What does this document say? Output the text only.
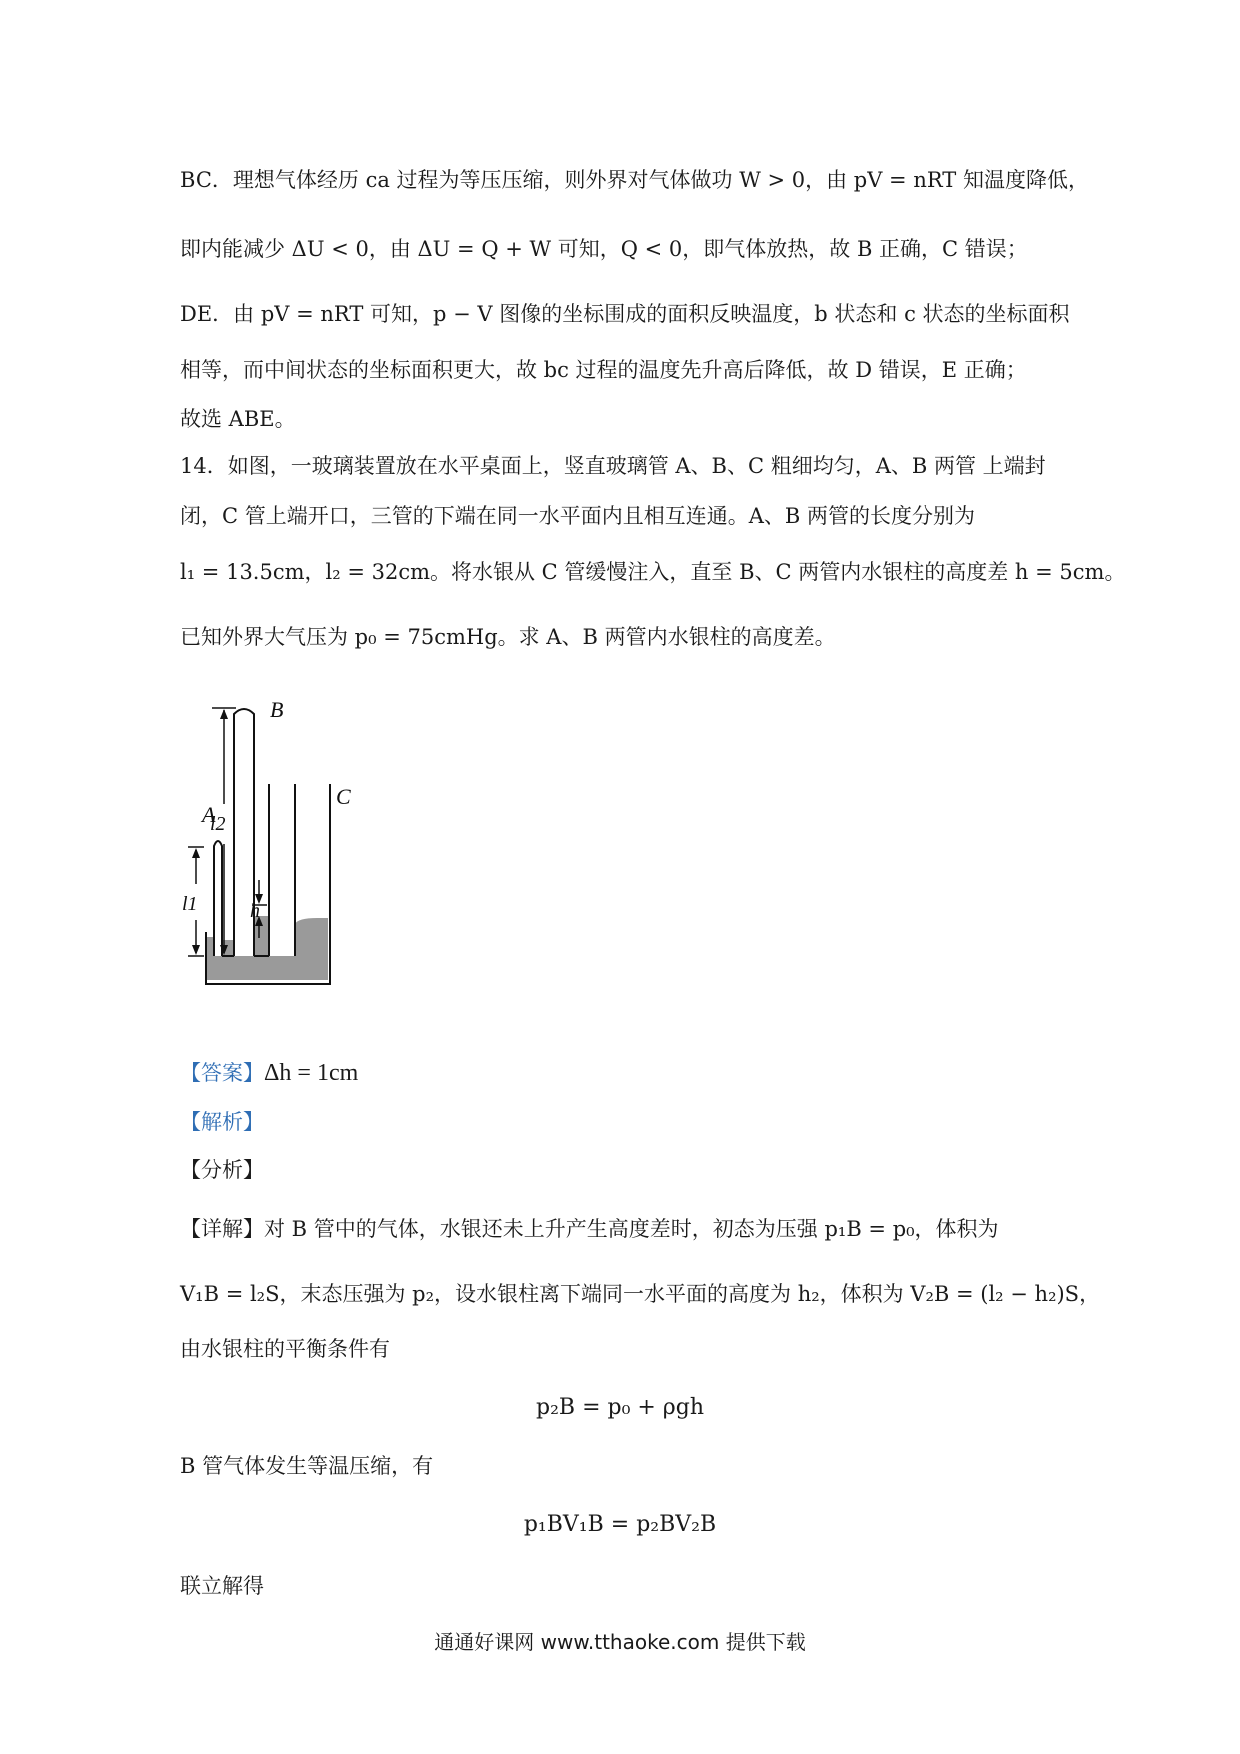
BC．理想气体经历 ca 过程为等压压缩，则外界对气体做功 W > 0，由 pV = nRT 知温度降低，
即内能减少 ΔU < 0，由 ΔU = Q + W 可知，Q < 0，即气体放热，故 B 正确，C 错误；
DE．由 pV = nRT 可知，p − V 图像的坐标围成的面积反映温度，b 状态和 c 状态的坐标面积
相等，而中间状态的坐标面积更大，故 bc 过程的温度先升高后降低，故 D 错误，E 正确；
故选 ABE。
14．如图，一玻璃装置放在水平桌面上，竖直玻璃管 A、B、C 粗细均匀，A、B 两管 上端封
闭，C 管上端开口，三管的下端在同一水平面内且相互连通。A、B 两管的长度分别为
l₁ = 13.5cm，l₂ = 32cm。将水银从 C 管缓慢注入，直至 B、C 两管内水银柱的高度差 h = 5cm。
已知外界大气压为 p₀ = 75cmHg。求 A、B 两管内水银柱的高度差。
A
B
C
l1
l2
h
【答案】Δh = 1cm
【解析】
【分析】
【详解】对 B 管中的气体，水银还未上升产生高度差时，初态为压强 p₁B = p₀，体积为
V₁B = l₂S，末态压强为 p₂，设水银柱离下端同一水平面的高度为 h₂，体积为 V₂B = (l₂ − h₂)S，
由水银柱的平衡条件有
p₂B = p₀ + ρgh
B 管气体发生等温压缩，有
p₁BV₁B = p₂BV₂B
联立解得
通通好课网 www.tthaoke.com 提供下载
